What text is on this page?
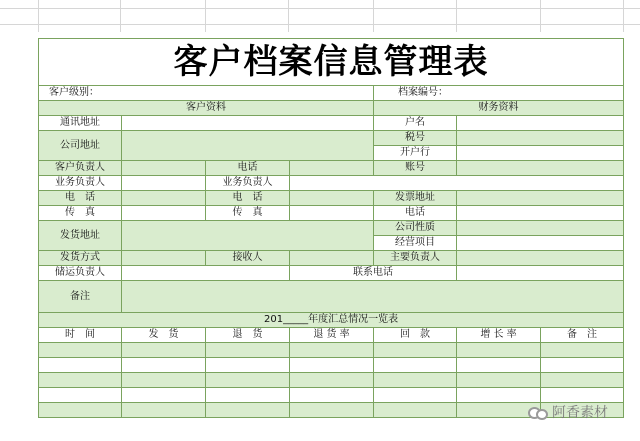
客户档案信息管理表						
客户级别：				档案编号：		
客户资料				财务资料		
通讯地址				户名		
公司地址				税号		
				开户行		
客户负责人		电话		账号		
业务负责人		业务负责人				
电　话		电　话		发票地址		
传　真		传　真		电话		
发货地址				公司性质		
				经营项目		
发货方式		接收人		主要负责人		
储运负责人			联系电话			
备注						
201_____年度汇总情况一览表						
时　间	发　货	退　货	退 货 率	回　款	增 长 率	备　注

阿香素材
